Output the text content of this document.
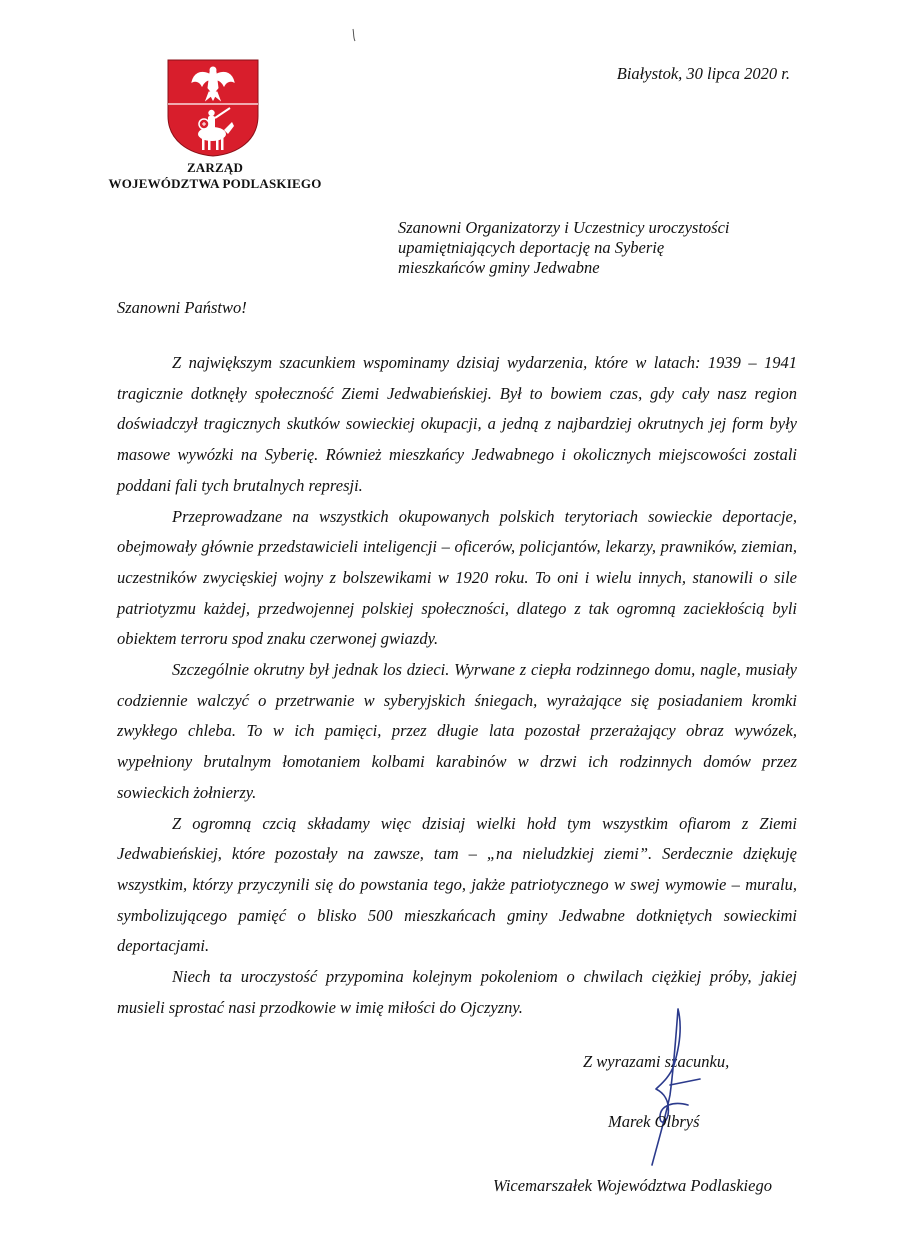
ZARZĄD
WOJEWÓDZTWA PODLASKIEGO
Białystok, 30 lipca 2020 r.
Szanowni Organizatorzy i Uczestnicy uroczystości
upamiętniających deportację na Syberię
mieszkańców gminy Jedwabne
Szanowni Państwo!

Z największym szacunkiem wspominamy dzisiaj wydarzenia, które w latach: 1939 – 1941 tragicznie dotknęły społeczność Ziemi Jedwabieńskiej. Był to bowiem czas, gdy cały nasz region doświadczył tragicznych skutków sowieckiej okupacji, a jedną z najbardziej okrutnych jej form były masowe wywózki na Syberię. Również mieszkańcy Jedwabnego i okolicznych miejscowości zostali poddani fali tych brutalnych represji.

Przeprowadzane na wszystkich okupowanych polskich terytoriach sowieckie deportacje, obejmowały głównie przedstawicieli inteligencji – oficerów, policjantów, lekarzy, prawników, ziemian, uczestników zwycięskiej wojny z bolszewikami w 1920 roku. To oni i wielu innych, stanowili o sile patriotyzmu każdej, przedwojennej polskiej społeczności, dlatego z tak ogromną zaciekłością byli obiektem terroru spod znaku czerwonej gwiazdy.

Szczególnie okrutny był jednak los dzieci. Wyrwane z ciepła rodzinnego domu, nagle, musiały codziennie walczyć o przetrwanie w syberyjskich śniegach, wyrażające się posiadaniem kromki zwykłego chleba. To w ich pamięci, przez długie lata pozostał przerażający obraz wywózek, wypełniony brutalnym łomotaniem kolbami karabinów w drzwi ich rodzinnych domów przez sowieckich żołnierzy.

Z ogromną czcią składamy więc dzisiaj wielki hołd tym wszystkim ofiarom z Ziemi Jedwabieńskiej, które pozostały na zawsze, tam – „na nieludzkiej ziemi”. Serdecznie dziękuję wszystkim, którzy przyczynili się do powstania tego, jakże patriotycznego w swej wymowie – muralu, symbolizującego pamięć o blisko 500 mieszkańcach gminy Jedwabne dotkniętych sowieckimi deportacjami.

Niech ta uroczystość przypomina kolejnym pokoleniom o chwilach ciężkiej próby, jakiej musieli sprostać nasi przodkowie w imię miłości do Ojczyzny.

Z wyrazami szacunku,
Marek Olbryś
Wicemarszałek Województwa Podlaskiego
